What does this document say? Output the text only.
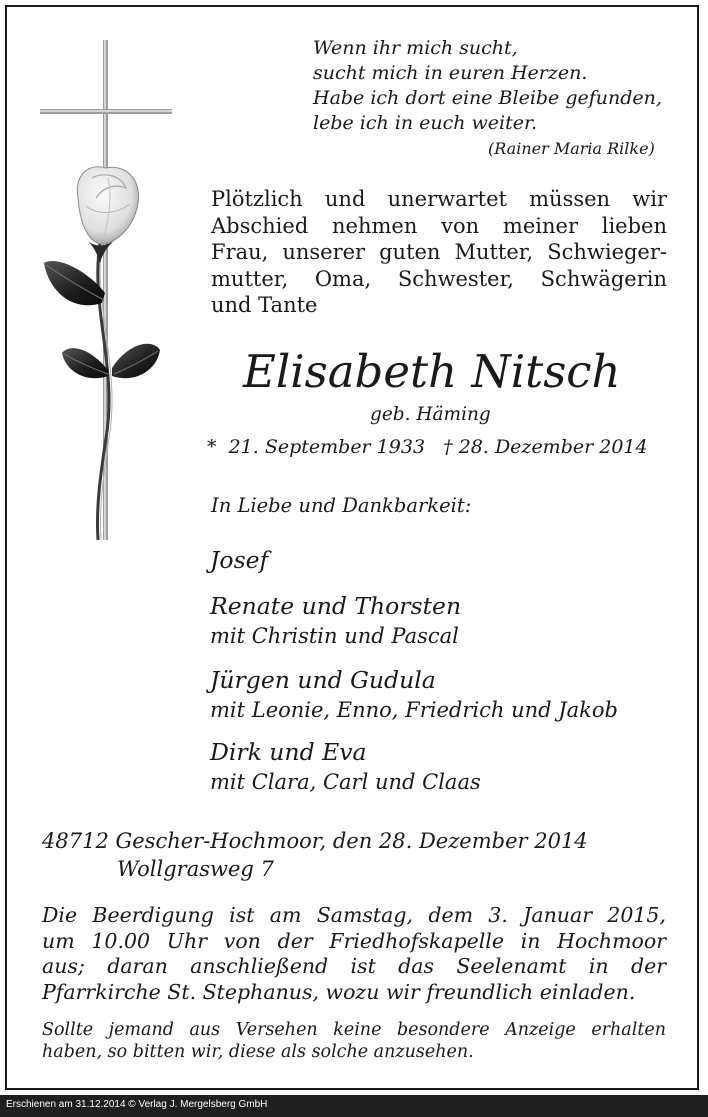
Wenn ihr mich sucht,
sucht mich in euren Herzen.
Habe ich dort eine Bleibe gefunden,
lebe ich in euch weiter.
(Rainer Maria Rilke)
Plötzlich und unerwartet müssen wir
Abschied nehmen von meiner lieben
Frau, unserer guten Mutter, Schwieger-
mutter, Oma, Schwester, Schwägerin
und Tante
Elisabeth Nitsch
geb. Häming
*  21. September 1933   † 28. Dezember 2014
In Liebe und Dankbarkeit:
Josef
Renate und Thorsten
mit Christin und Pascal
Jürgen und Gudula
mit Leonie, Enno, Friedrich und Jakob
Dirk und Eva
mit Clara, Carl und Claas
48712 Gescher-Hochmoor, den 28. Dezember 2014
Wollgrasweg 7
Die Beerdigung ist am Samstag, dem 3. Januar 2015,
um 10.00 Uhr von der Friedhofskapelle in Hochmoor
aus; daran anschließend ist das Seelenamt in der
Pfarrkirche St. Stephanus, wozu wir freundlich einladen.
Sollte jemand aus Versehen keine besondere Anzeige erhalten
haben, so bitten wir, diese als solche anzusehen.
Erschienen am 31.12.2014 © Verlag J. Mergelsberg GmbH
